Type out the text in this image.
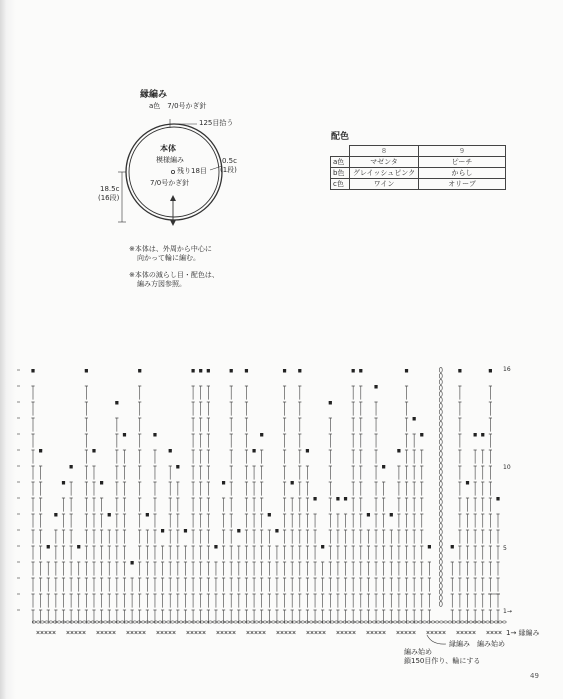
縁編み
a色　7/0号かぎ針
125目拾う
本体
模様編み
残り18目
7/0号かぎ針
0.5c
(1段)
18.5c
(16段)
※本体は、外周から中心に
向かって輪に編む。
※本体の減らし目・配色は、
編み方図参照。
配色
	8	9
a色	マゼンタ	ピーチ
b色	グレイッシュピンク	からし
c色	ワイン	オリーブ
16
10
5
1→
1→ 縁編み
縁編み　編み始め
編み始め
鎖150目作り、輪にする
49
